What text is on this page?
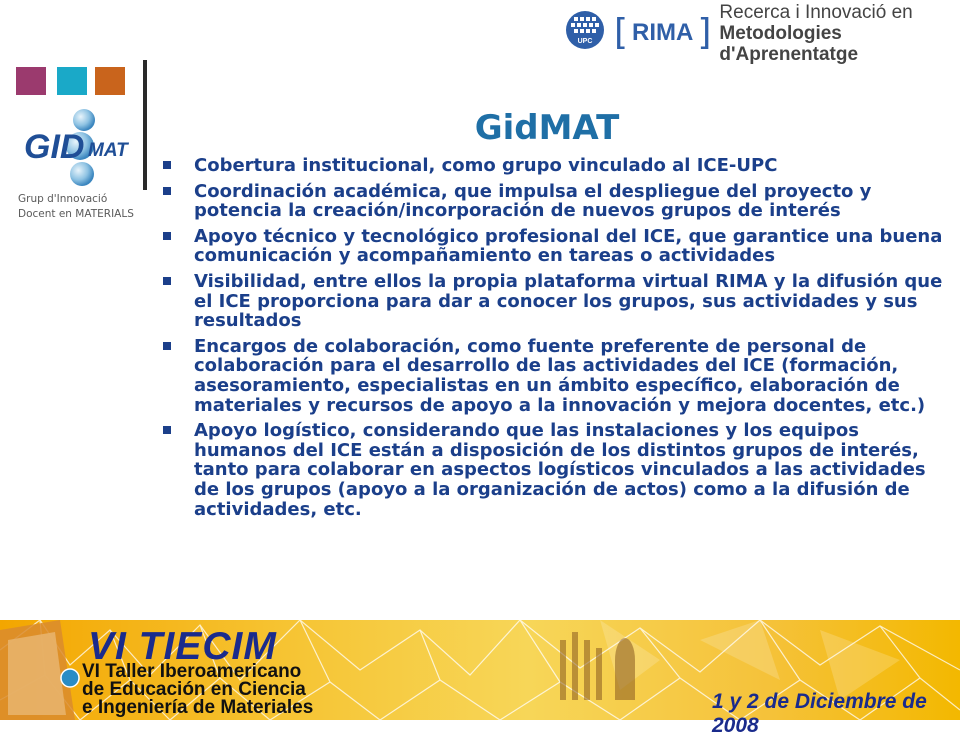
GID MAT
Grup d'Innovació
Docent en MATERIALS
UPC [ RIMA ] Recerca i Innovació en
Metodologies d'Aprenentatge
GidMAT
Cobertura institucional, como grupo vinculado al ICE-UPC
Coordinación académica, que impulsa el despliegue del proyecto y potencia la creación/incorporación de nuevos grupos de interés
Apoyo técnico y tecnológico profesional del ICE, que garantice una buena comunicación y acompañamiento en tareas o actividades
Visibilidad, entre ellos la propia plataforma virtual RIMA y la difusión que el ICE proporciona para dar a conocer los grupos, sus actividades y sus resultados
Encargos de colaboración, como fuente preferente de personal de colaboración para el desarrollo de las actividades del ICE (formación, asesoramiento, especialistas en un ámbito específico, elaboración de materiales y recursos de apoyo a la innovación y mejora docentes, etc.)
Apoyo logístico, considerando que las instalaciones y los equipos humanos del ICE están a disposición de los distintos grupos de interés, tanto para colaborar en aspectos logísticos vinculados a las actividades de los grupos (apoyo a la organización de actos) como a la difusión de actividades, etc.
VI TIECIM
VI Taller Iberoamericano
de Educación en Ciencia
e Ingeniería de Materiales	1 y 2 de Diciembre de 2008
